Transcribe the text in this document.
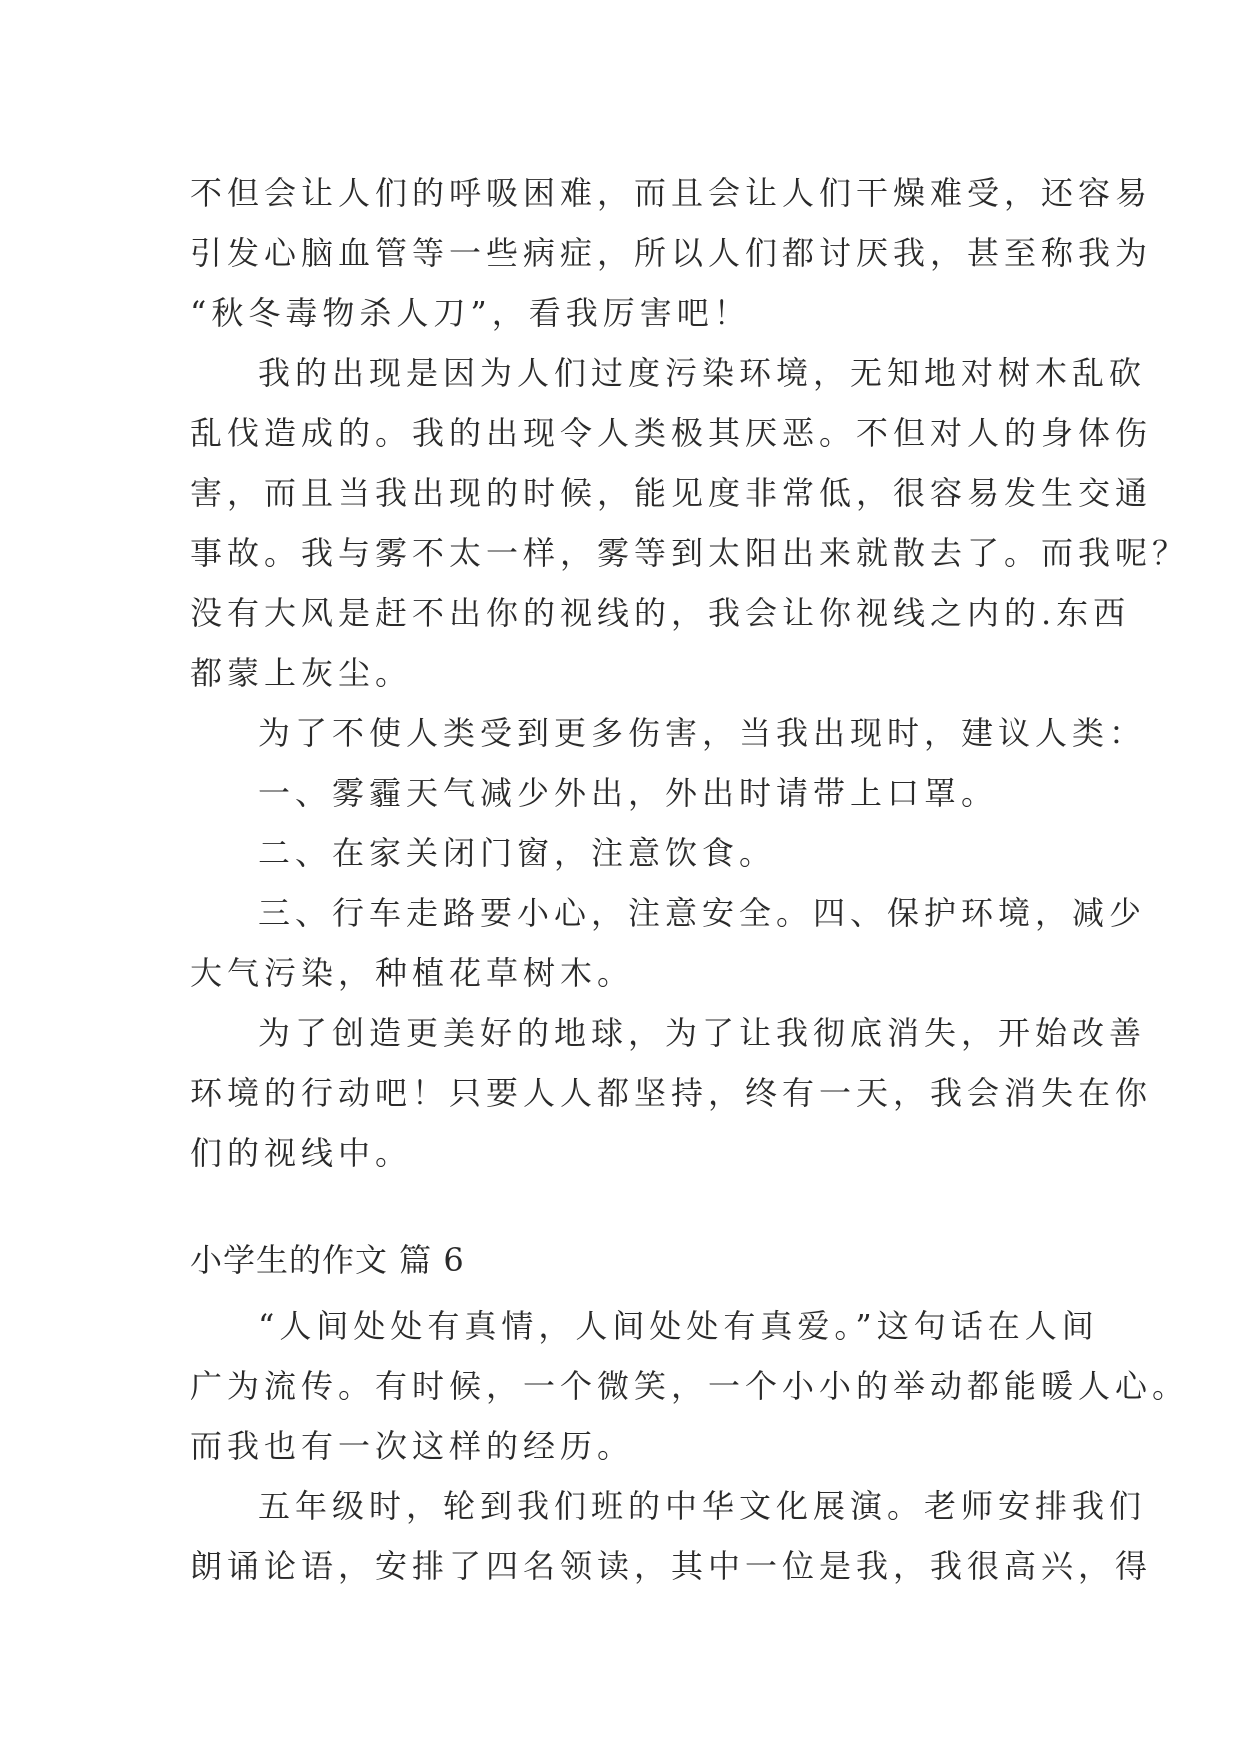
不但会让人们的呼吸困难，而且会让人们干燥难受，还容易
引发心脑血管等一些病症，所以人们都讨厌我，甚至称我为
“秋冬毒物杀人刀”，看我厉害吧！
我的出现是因为人们过度污染环境，无知地对树木乱砍
乱伐造成的。我的出现令人类极其厌恶。不但对人的身体伤
害，而且当我出现的时候，能见度非常低，很容易发生交通
事故。我与雾不太一样，雾等到太阳出来就散去了。而我呢？
没有大风是赶不出你的视线的，我会让你视线之内的.东西
都蒙上灰尘。
为了不使人类受到更多伤害，当我出现时，建议人类：
一、雾霾天气减少外出，外出时请带上口罩。
二、在家关闭门窗，注意饮食。
三、行车走路要小心，注意安全。四、保护环境，减少
大气污染，种植花草树木。
为了创造更美好的地球，为了让我彻底消失，开始改善
环境的行动吧！只要人人都坚持，终有一天，我会消失在你
们的视线中。
小学生的作文 篇 6
“人间处处有真情，人间处处有真爱。”这句话在人间
广为流传。有时候，一个微笑，一个小小的举动都能暖人心。
而我也有一次这样的经历。
五年级时，轮到我们班的中华文化展演。老师安排我们
朗诵论语，安排了四名领读，其中一位是我，我很高兴，得
